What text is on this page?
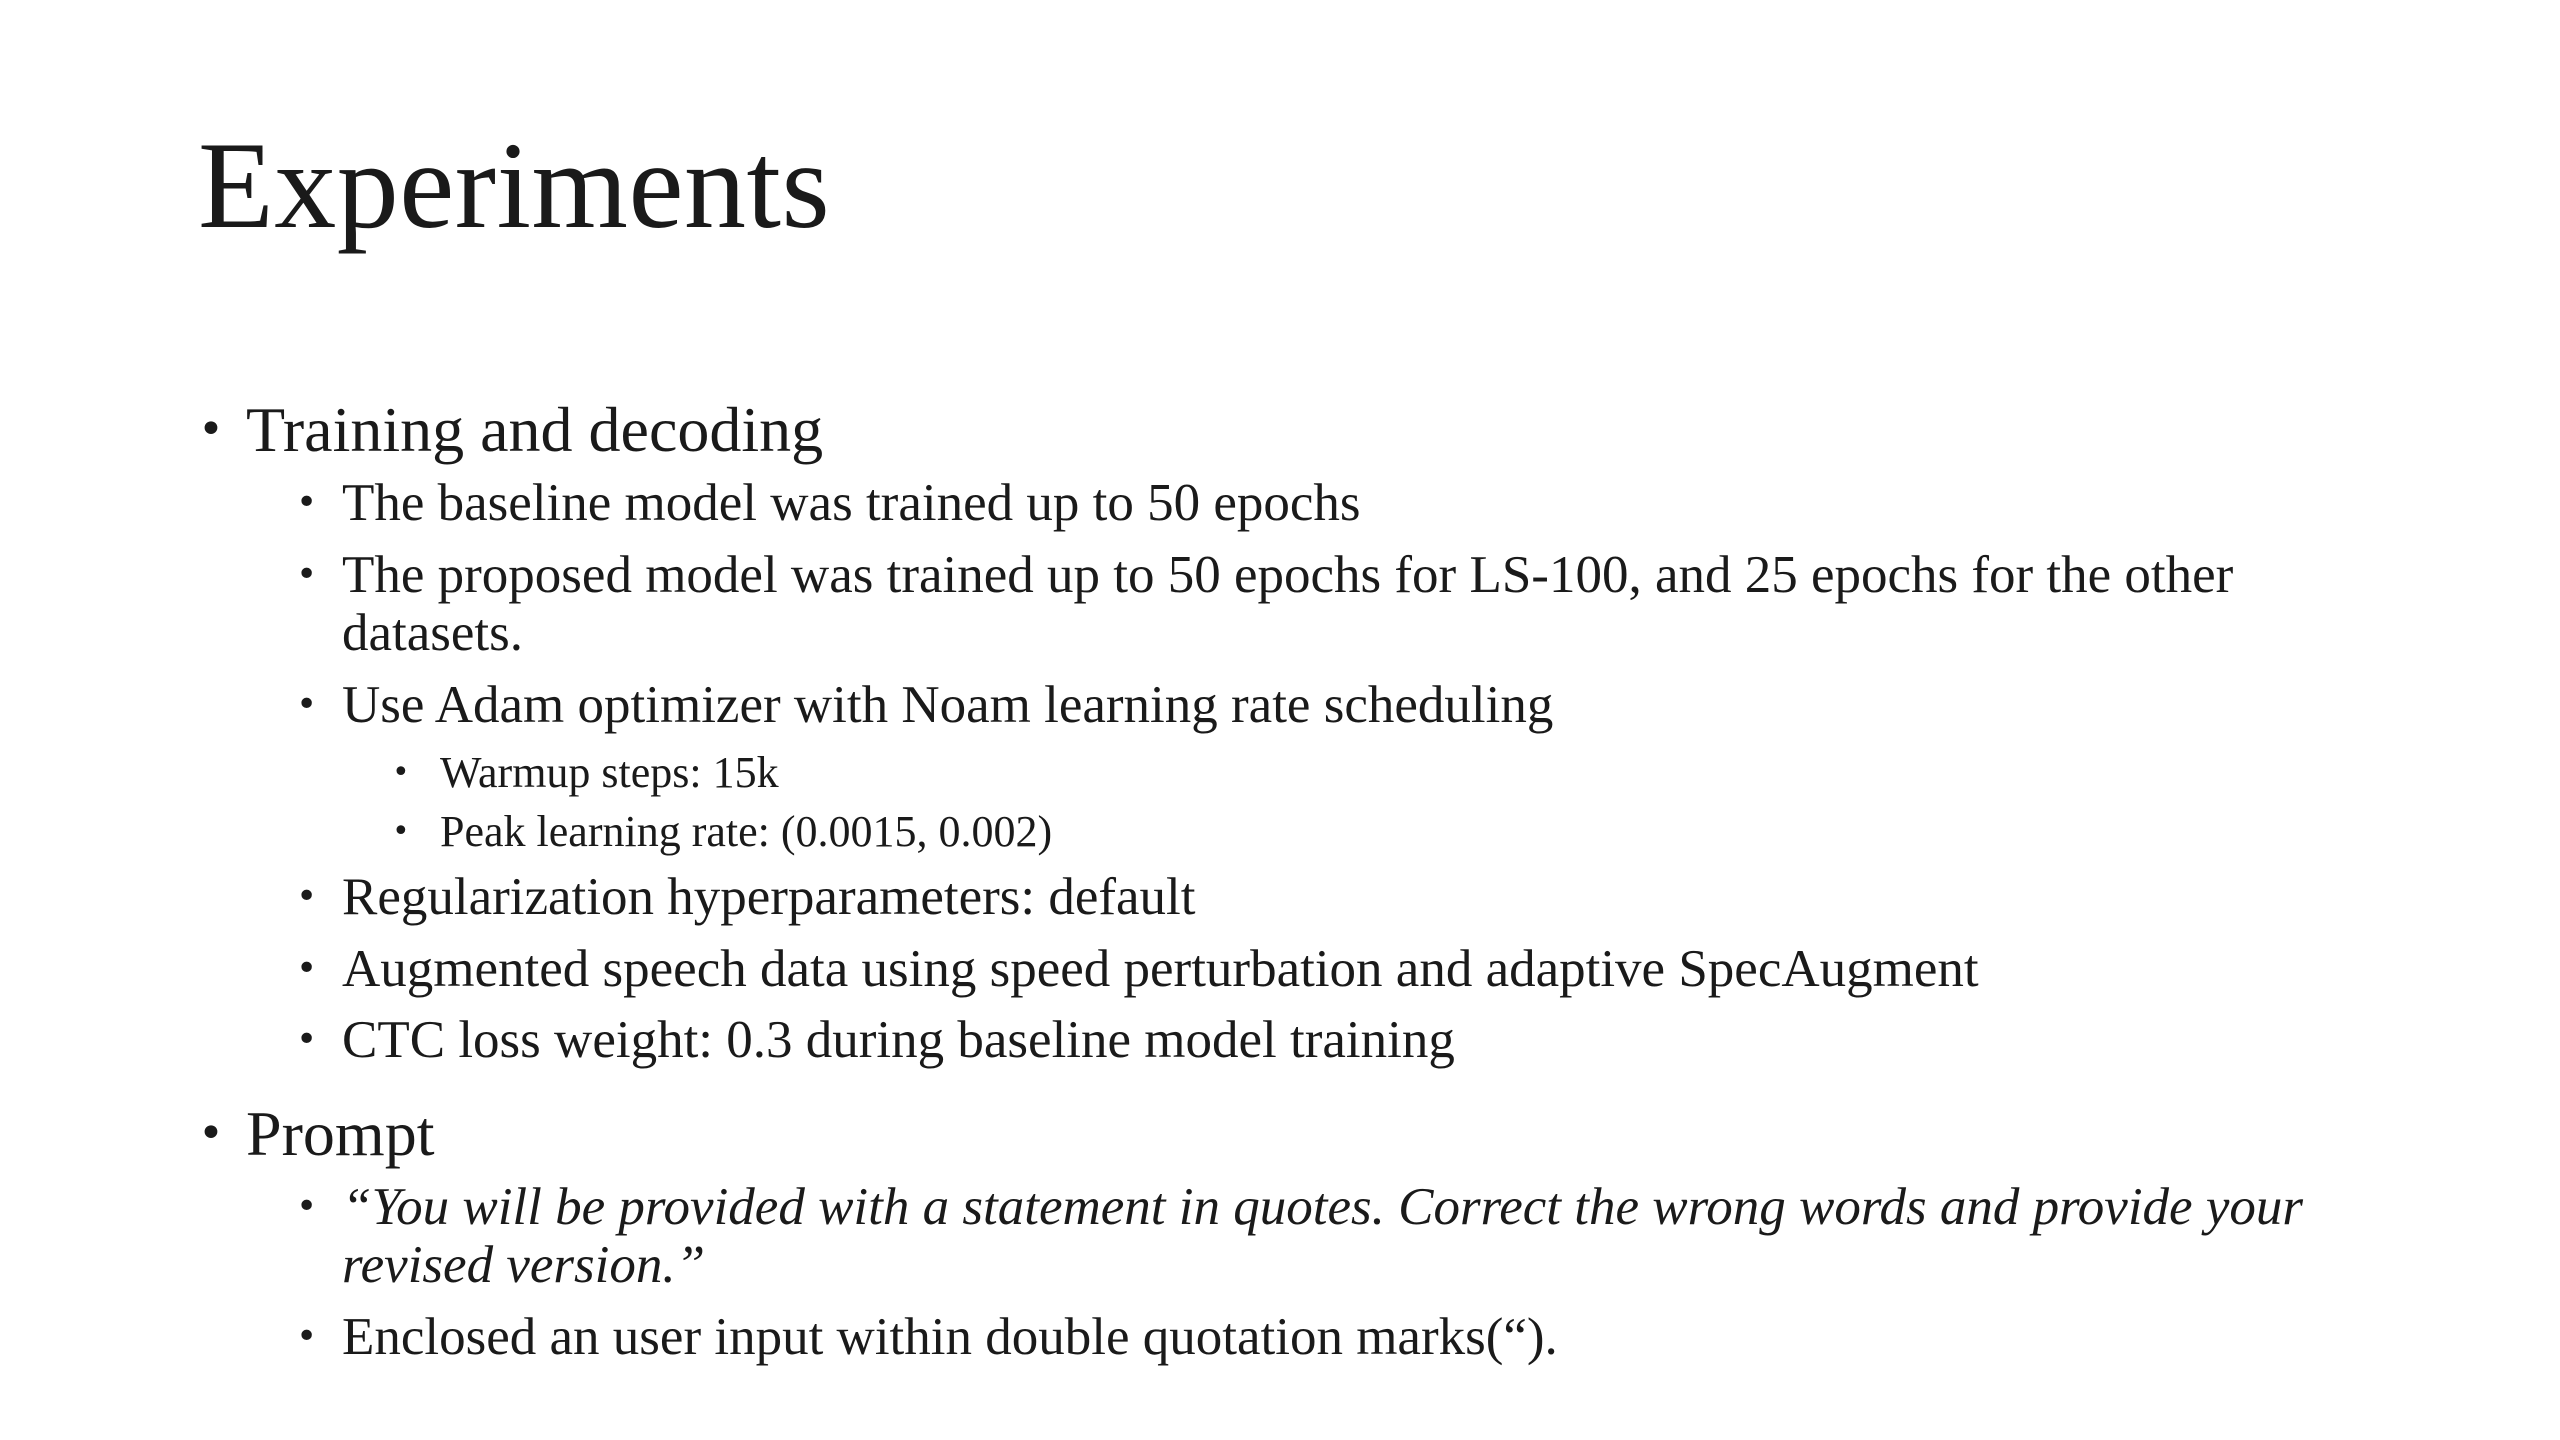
Experiments
• Training and decoding
• The baseline model was trained up to 50 epochs
• The proposed model was trained up to 50 epochs for LS-100, and 25 epochs for the other datasets.
• Use Adam optimizer with Noam learning rate scheduling
• Warmup steps: 15k
• Peak learning rate: (0.0015, 0.002)
• Regularization hyperparameters: default
• Augmented speech data using speed perturbation and adaptive SpecAugment
• CTC loss weight: 0.3 during baseline model training
• Prompt
• “You will be provided with a statement in quotes. Correct the wrong words and provide your revised version.”
• Enclosed an user input within double quotation marks(“).
